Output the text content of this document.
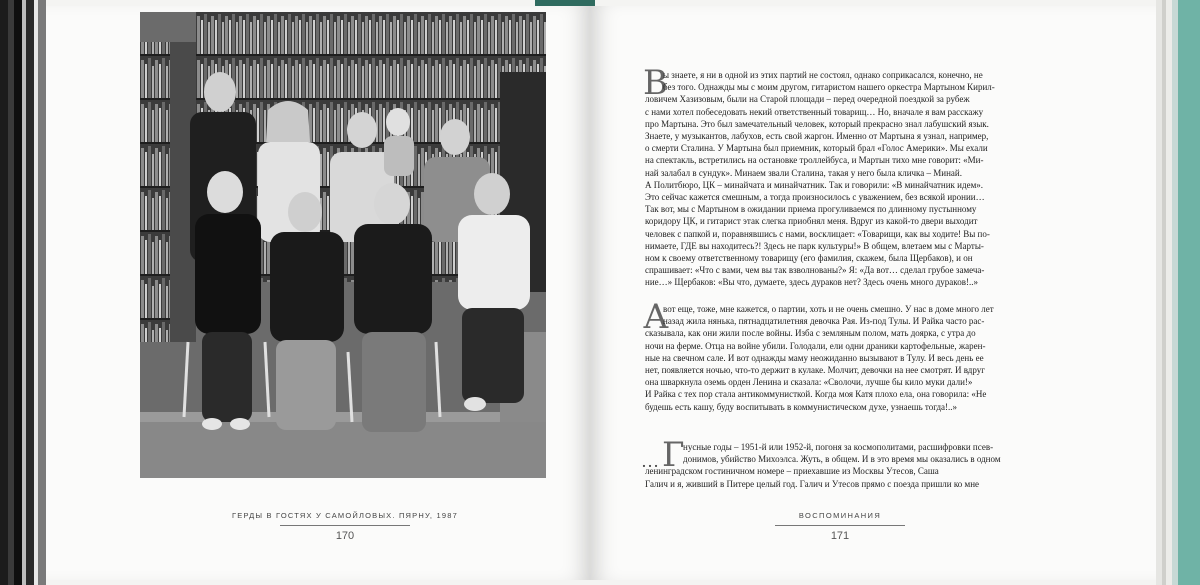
ГЕРДЫ В ГОСТЯХ У САМОЙЛОВЫХ. ПЯРНУ, 1987
170
В
ы знаете, я ни в одной из этих партий не состоял, однако соприкасался, конечно, не
без того. Однажды мы с моим другом, гитаристом нашего оркестра Мартыном Кирил-
ловичем Хазизовым, были на Старой площади – перед очередной поездкой за рубеж
с нами хотел побеседовать некий ответственный товарищ… Но, вначале я вам расскажу
про Мартына. Это был замечательный человек, который прекрасно знал лабушский язык.
Знаете, у музыкантов, лабухов, есть свой жаргон. Именно от Мартына я узнал, например,
о смерти Сталина. У Мартына был приемник, который брал «Голос Америки». Мы ехали
на спектакль, встретились на остановке троллейбуса, и Мартын тихо мне говорит: «Ми-
най залабал в сундук». Минаем звали Сталина, такая у него была кличка – Минай.
А Политбюро, ЦК – минайчата и минайчатник. Так и говорили: «В минайчатник идем».
Это сейчас кажется смешным, а тогда произносилось с уважением, без всякой иронии…
Так вот, мы с Мартыном в ожидании приема прогуливаемся по длинному пустынному
коридору ЦК, и гитарист этак слегка приобнял меня. Вдруг из какой-то двери выходит
человек с папкой и, поравнявшись с нами, восклицает: «Товарищи, как вы ходите! Вы по-
нимаете, ГДЕ вы находитесь?! Здесь не парк культуры!» В общем, влетаем мы с Марты-
ном к своему ответственному товарищу (его фамилия, скажем, была Щербаков), и он
спрашивает: «Что с вами, чем вы так взволнованы?» Я: «Да вот… сделал грубое замеча-
ние…» Щербаков: «Вы что, думаете, здесь дураков нет? Здесь очень много дураков!..»
А
вот еще, тоже, мне кажется, о партии, хоть и не очень смешно. У нас в доме много лет
назад жила нянька, пятнадцатилетняя девочка Рая. Из-под Тулы. И Райка часто рас-
сказывала, как они жили после войны. Изба с земляным полом, мать доярка, с утра до
ночи на ферме. Отца на войне убили. Голодали, ели одни драники картофельные, жарен-
ные на свечном сале. И вот однажды маму неожиданно вызывают в Тулу. И весь день ее
нет, появляется ночью, что-то держит в кулаке. Молчит, девочки на нее смотрят. И вдруг
она шваркнула оземь орден Ленина и сказала: «Сволочи, лучше бы кило муки дали!»
И Райка с тех пор стала антикоммунисткой. Когда моя Катя плохо ела, она говорила: «Не
будешь есть кашу, буду воспитывать в коммунистическом духе, узнаешь тогда!..»
… Г
нусные годы – 1951-й или 1952-й, погоня за космополитами, расшифровки псев-
донимов, убийство Михоэлса. Жуть, в общем. И в это время мы оказались в одном
ленинградском гостиничном номере – приехавшие из Москвы Утесов, Саша
Галич и я, живший в Питере целый год. Галич и Утесов прямо с поезда пришли ко мне
ВОСПОМИНАНИЯ
171
